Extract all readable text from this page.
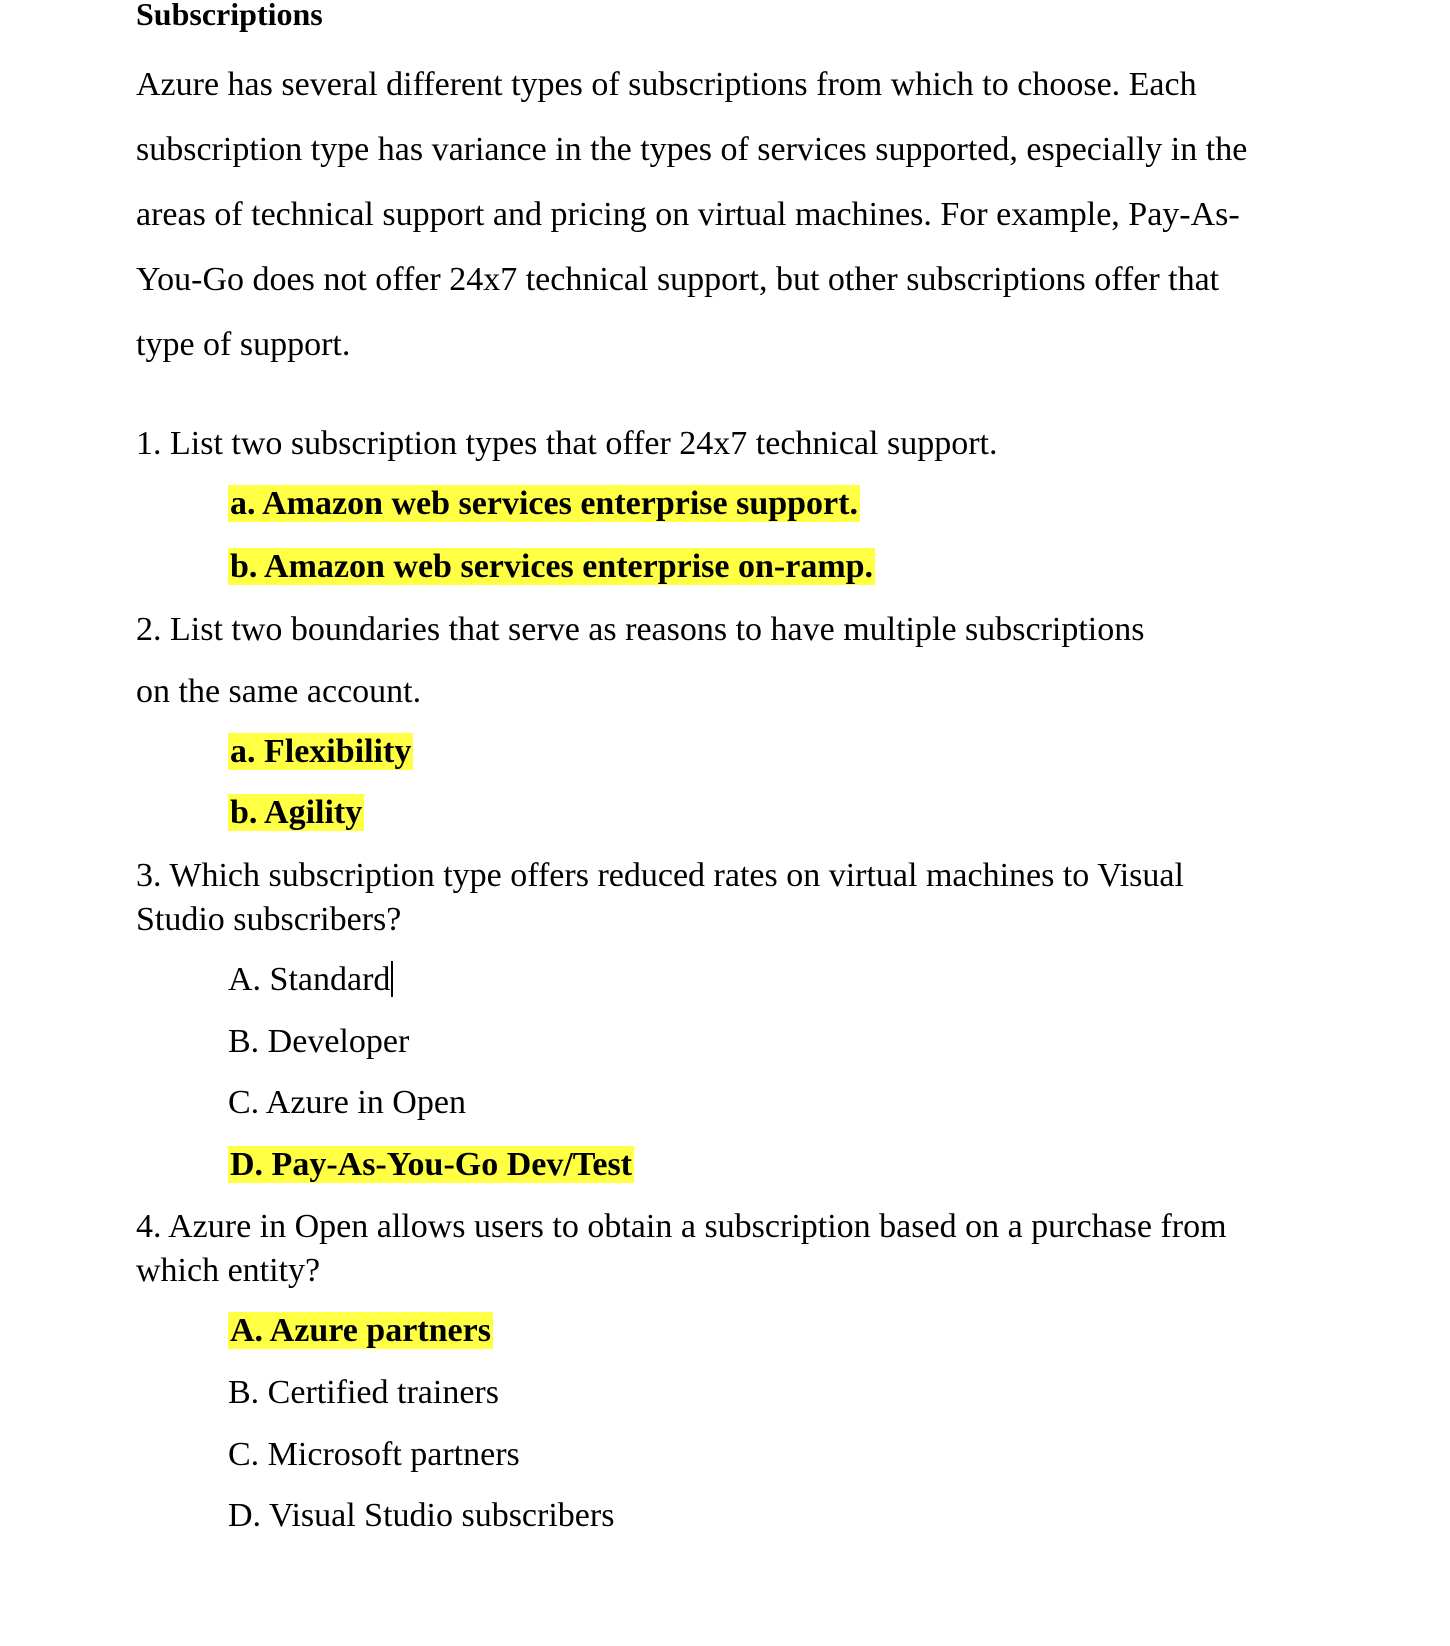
Subscriptions
Azure has several different types of subscriptions from which to choose. Each subscription type has variance in the types of services supported, especially in the areas of technical support and pricing on virtual machines. For example, Pay-As-You-Go does not offer 24x7 technical support, but other subscriptions offer that type of support.
1. List two subscription types that offer 24x7 technical support.
a. Amazon web services enterprise support.
b. Amazon web services enterprise on-ramp.
2. List two boundaries that serve as reasons to have multiple subscriptions
on the same account.
a. Flexibility
b. Agility
3. Which subscription type offers reduced rates on virtual machines to Visual Studio subscribers?
A. Standard
B. Developer
C. Azure in Open
D. Pay-As-You-Go Dev/Test
4. Azure in Open allows users to obtain a subscription based on a purchase from which entity?
A. Azure partners
B. Certified trainers
C. Microsoft partners
D. Visual Studio subscribers
